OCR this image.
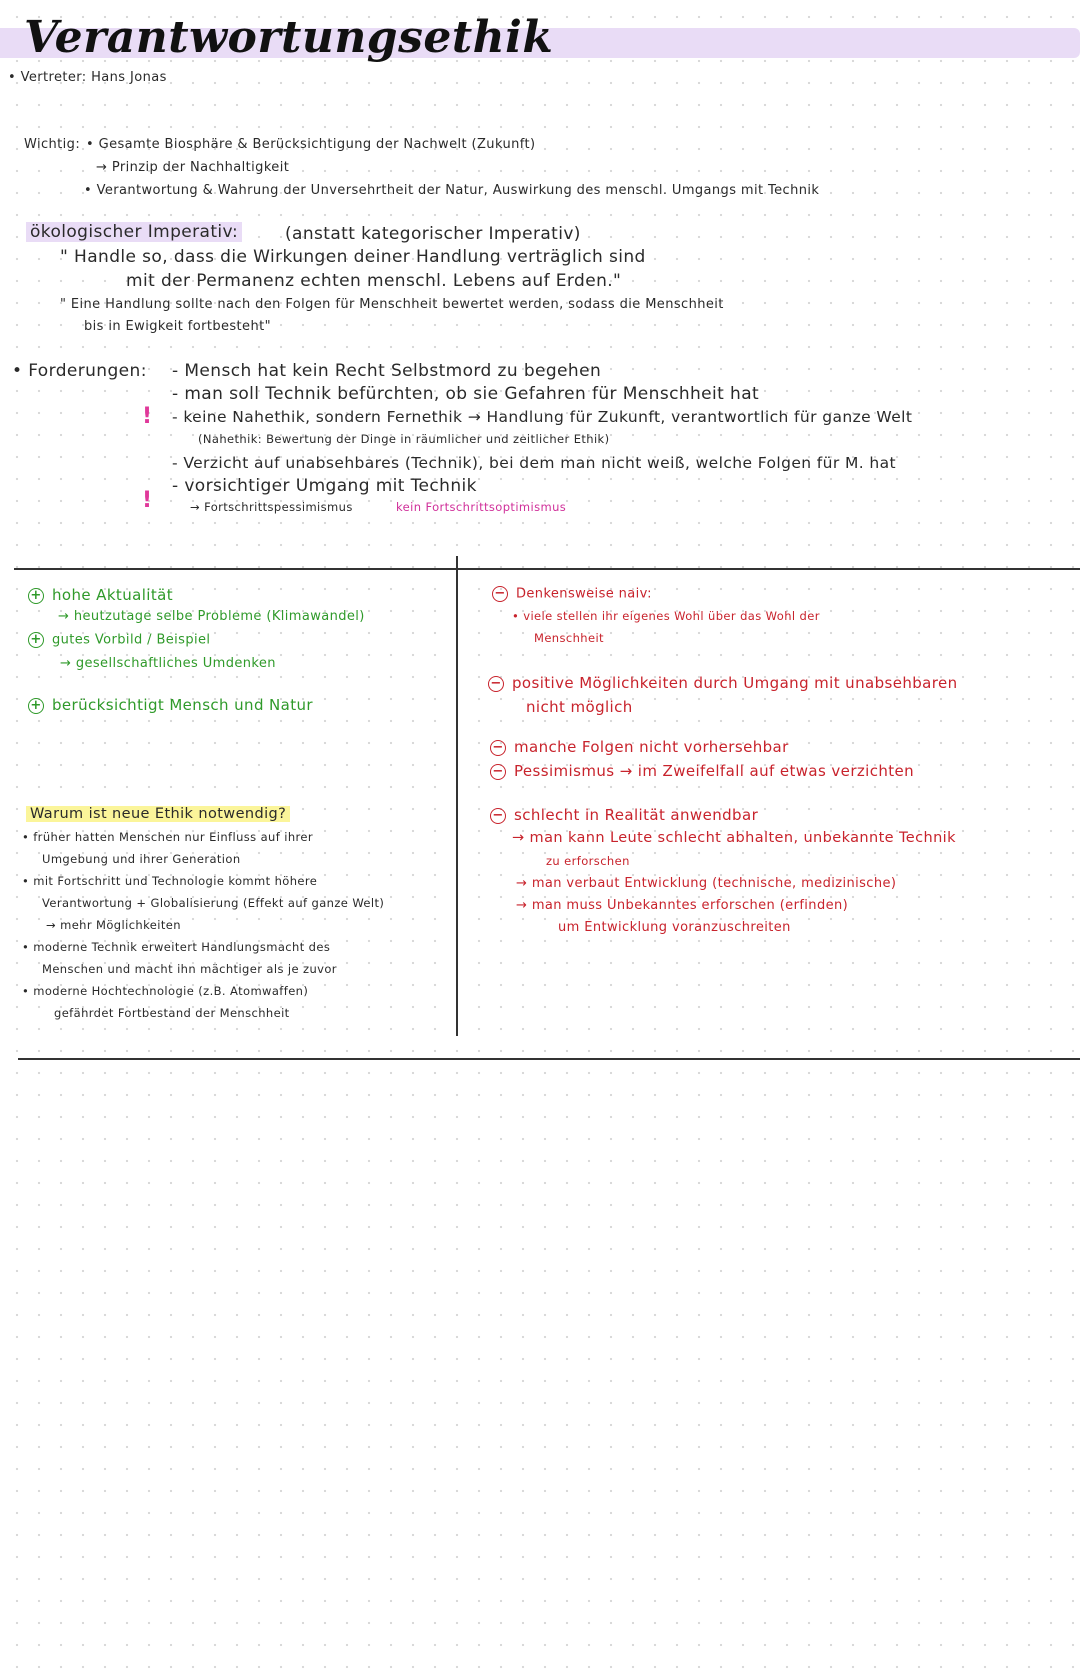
Verantwortungsethik
• Vertreter: Hans Jonas
Wichtig: • Gesamte Biosphäre & Berücksichtigung der Nachwelt (Zukunft)
→ Prinzip der Nachhaltigkeit
• Verantwortung & Wahrung der Unversehrtheit der Natur, Auswirkung des menschl. Umgangs mit Technik
ökologischer Imperativ:	(anstatt kategorischer Imperativ)
" Handle so, dass die Wirkungen deiner Handlung verträglich sind
mit der Permanenz echten menschl. Lebens auf Erden."
" Eine Handlung sollte nach den Folgen für Menschheit bewertet werden, sodass die Menschheit
bis in Ewigkeit fortbesteht"
• Forderungen: - Mensch hat kein Recht Selbstmord zu begehen
- man soll Technik befürchten, ob sie Gefahren für Menschheit hat
! - keine Nahethik, sondern Fernethik → Handlung für Zukunft, verantwortlich für ganze Welt
(Nahethik: Bewertung der Dinge in räumlicher und zeitlicher Ethik)
- Verzicht auf unabsehbares (Technik), bei dem man nicht weiß, welche Folgen für M. hat
- vorsichtiger Umgang mit Technik
!	→ Fortschrittspessimismus	kein Fortschrittsoptimismus
+ hohe Aktualität
→ heutzutage selbe Probleme (Klimawandel)
+ gutes Vorbild / Beispiel
→ gesellschaftliches Umdenken
+ berücksichtigt Mensch und Natur
Warum ist neue Ethik notwendig?
• früher hatten Menschen nur Einfluss auf ihrer
Umgebung und ihrer Generation
• mit Fortschritt und Technologie kommt höhere
Verantwortung + Globalisierung (Effekt auf ganze Welt)
→ mehr Möglichkeiten
• moderne Technik erweitert Handlungsmacht des
Menschen und macht ihn mächtiger als je zuvor
• moderne Hochtechnologie (z.B. Atomwaffen)
gefährdet Fortbestand der Menschheit
− Denkensweise naiv:
• viele stellen ihr eigenes Wohl über das Wohl der
Menschheit
− positive Möglichkeiten durch Umgang mit unabsehbaren
nicht möglich
− manche Folgen nicht vorhersehbar
− Pessimismus → im Zweifelfall auf etwas verzichten
− schlecht in Realität anwendbar
→ man kann Leute schlecht abhalten, unbekannte Technik
zu erforschen
→ man verbaut Entwicklung (technische, medizinische)
→ man muss Unbekanntes erforschen (erfinden)
um Entwicklung voranzuschreiten
